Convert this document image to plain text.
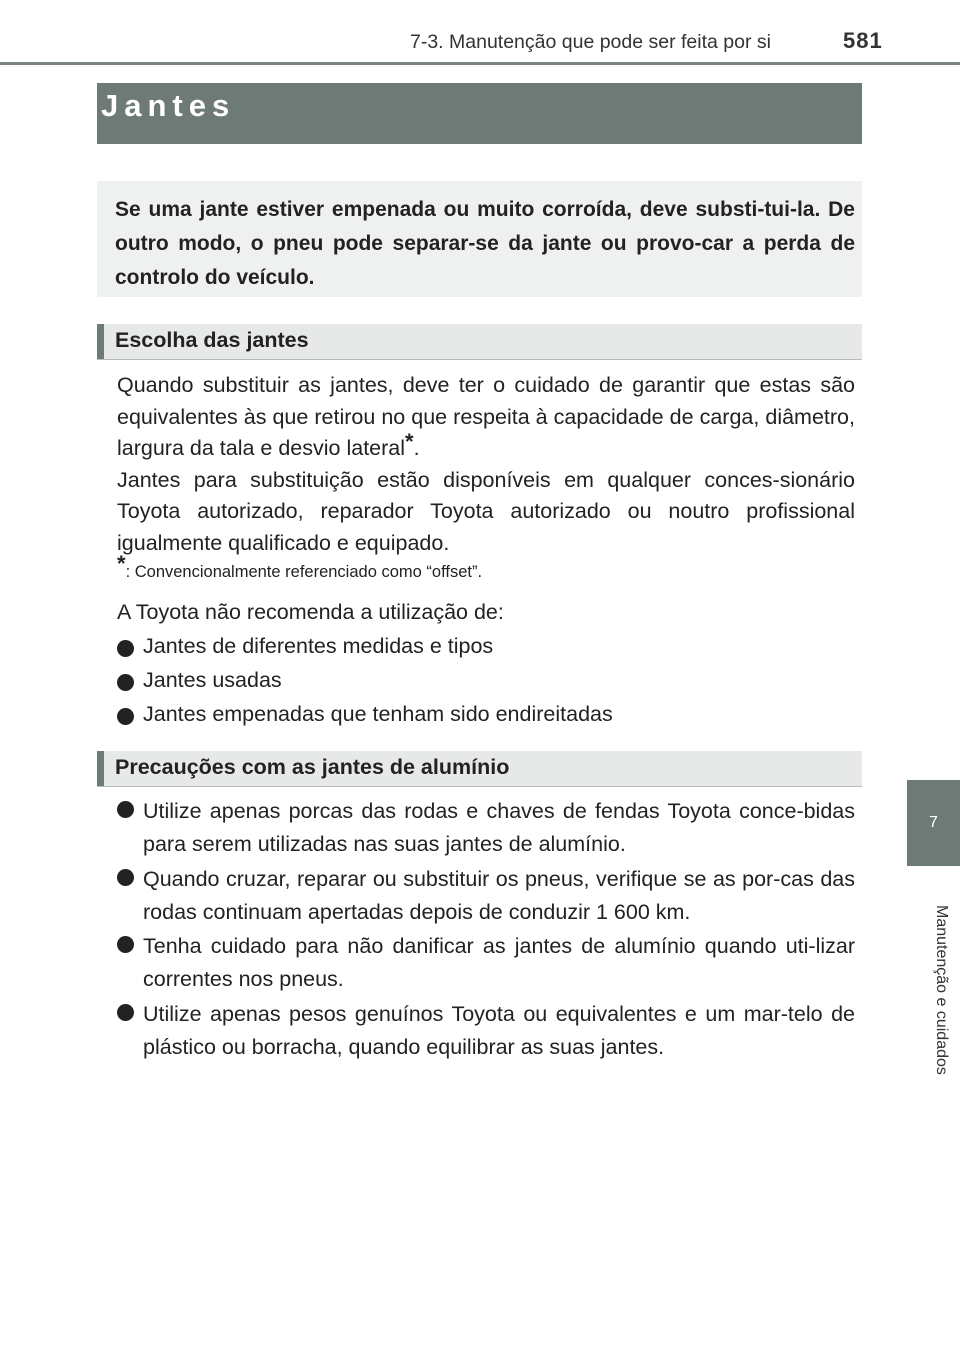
7-3. Manutenção que pode ser feita por si	581
7
Manutenção e cuidados
Jantes
Se uma jante estiver empenada ou muito corroída, deve substi-tui-la. De outro modo, o pneu pode separar-se da jante ou provo-car a perda de controlo do veículo.
Escolha das jantes
Quando substituir as jantes, deve ter o cuidado de garantir que estas são equivalentes às que retirou no que respeita à capacidade de carga, diâmetro, largura da tala e desvio lateral*.
Jantes para substituição estão disponíveis em qualquer conces-sionário Toyota autorizado, reparador Toyota autorizado ou noutro profissional igualmente qualificado e equipado.
*: Convencionalmente referenciado como “offset”.
A Toyota não recomenda a utilização de:
Jantes de diferentes medidas e tipos
Jantes usadas
Jantes empenadas que tenham sido endireitadas
Precauções com as jantes de alumínio
Utilize apenas porcas das rodas e chaves de fendas Toyota conce-bidas para serem utilizadas nas suas jantes de alumínio.
Quando cruzar, reparar ou substituir os pneus, verifique se as por-cas das rodas continuam apertadas depois de conduzir 1 600 km.
Tenha cuidado para não danificar as jantes de alumínio quando uti-lizar correntes nos pneus.
Utilize apenas pesos genuínos Toyota ou equivalentes e um mar-telo de plástico ou borracha, quando equilibrar as suas jantes.
